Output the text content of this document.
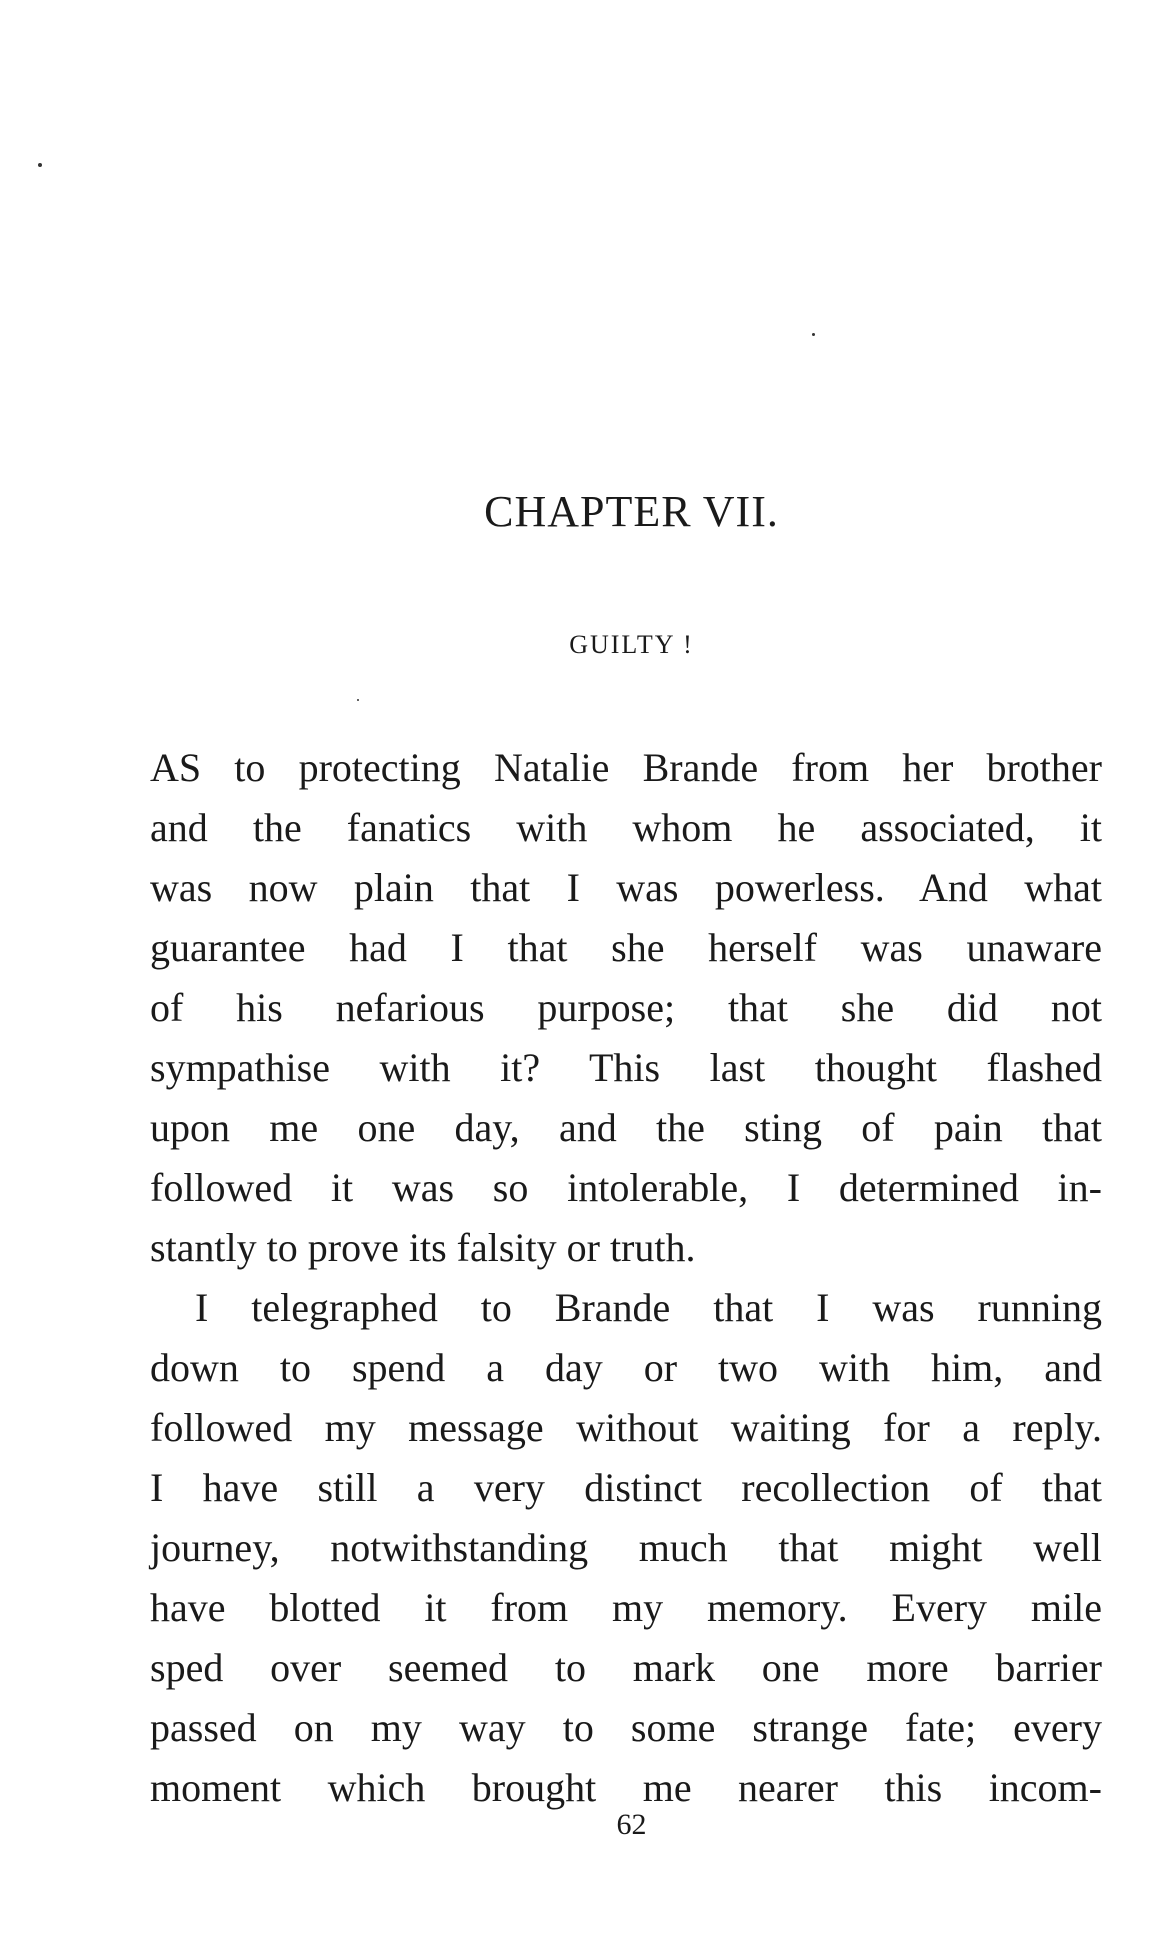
CHAPTER VII.
GUILTY !
AS to protecting Natalie Brande from her brother
and the fanatics with whom he associated, it
was now plain that I was powerless. And what
guarantee had I that she herself was unaware
of his nefarious purpose; that she did not
sympathise with it? This last thought flashed
upon me one day, and the sting of pain that
followed it was so intolerable, I determined in-
stantly to prove its falsity or truth.
I telegraphed to Brande that I was running
down to spend a day or two with him, and
followed my message without waiting for a reply.
I have still a very distinct recollection of that
journey, notwithstanding much that might well
have blotted it from my memory. Every mile
sped over seemed to mark one more barrier
passed on my way to some strange fate; every
moment which brought me nearer this incom-
62
